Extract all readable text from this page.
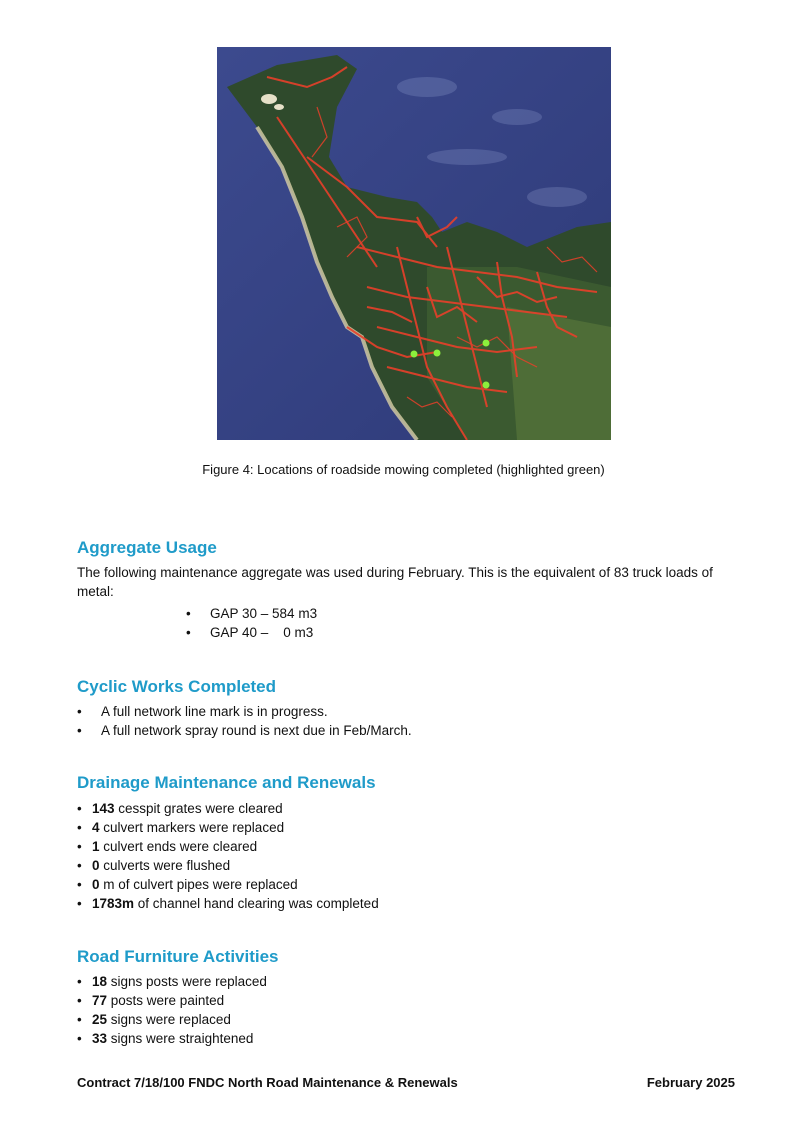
Figure 4: Locations of roadside mowing completed (highlighted green)
Aggregate Usage

The following maintenance aggregate was used during February. This is the equivalent of 83 truck loads of metal:

• GAP 30 – 584 m3
• GAP 40 –    0 m3
Cyclic Works Completed
• A full network line mark is in progress.
• A full network spray round is next due in Feb/March.
Drainage Maintenance and Renewals
• 143 cesspit grates were cleared
• 4 culvert markers were replaced
• 1 culvert ends were cleared
• 0 culverts were flushed
• 0 m of culvert pipes were replaced
• 1783m of channel hand clearing was completed
Road Furniture Activities
• 18 signs posts were replaced
• 77 posts were painted
• 25 signs were replaced
• 33 signs were straightened
Contract 7/18/100 FNDC North Road Maintenance & Renewals	February 2025
